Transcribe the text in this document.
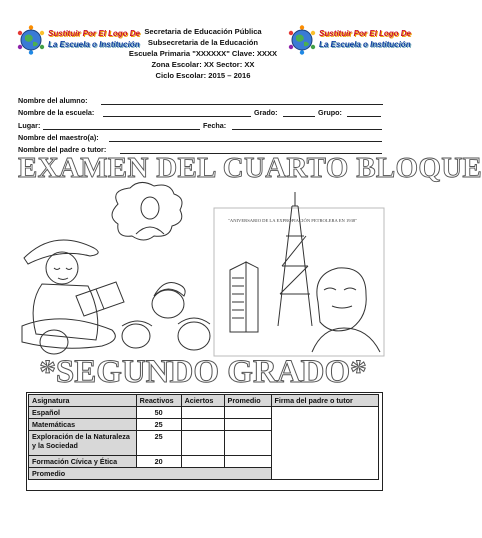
Sustituir Por El Logo De
La Escuela o Institución
Sustituir Por El Logo De
La Escuela o Institución
Secretaria de Educación Pública
Subsecretaria de la Educación
Escuela Primaria "XXXXXX" Clave: XXXX
Zona Escolar: XX Sector: XX
Ciclo Escolar: 2015 – 2016
Nombre del alumno:
Nombre de la escuela:	Grado:	Grupo:
Lugar:	Fecha:
Nombre del maestro(a):
Nombre del padre o tutor:
EXAMEN DEL CUARTO BLOQUE
"ANIVERSARIO DE LA EXPROPIACIÓN PETROLERA EN 1938"
*SEGUNDO GRADO*
Asignatura	Reactivos	Aciertos	Promedio	Firma del padre o tutor
Español	50			
Matemáticas	25			
Exploración de la Naturaleza y la Sociedad	25			
Formación Cívica y Ética	20			
Promedio				
